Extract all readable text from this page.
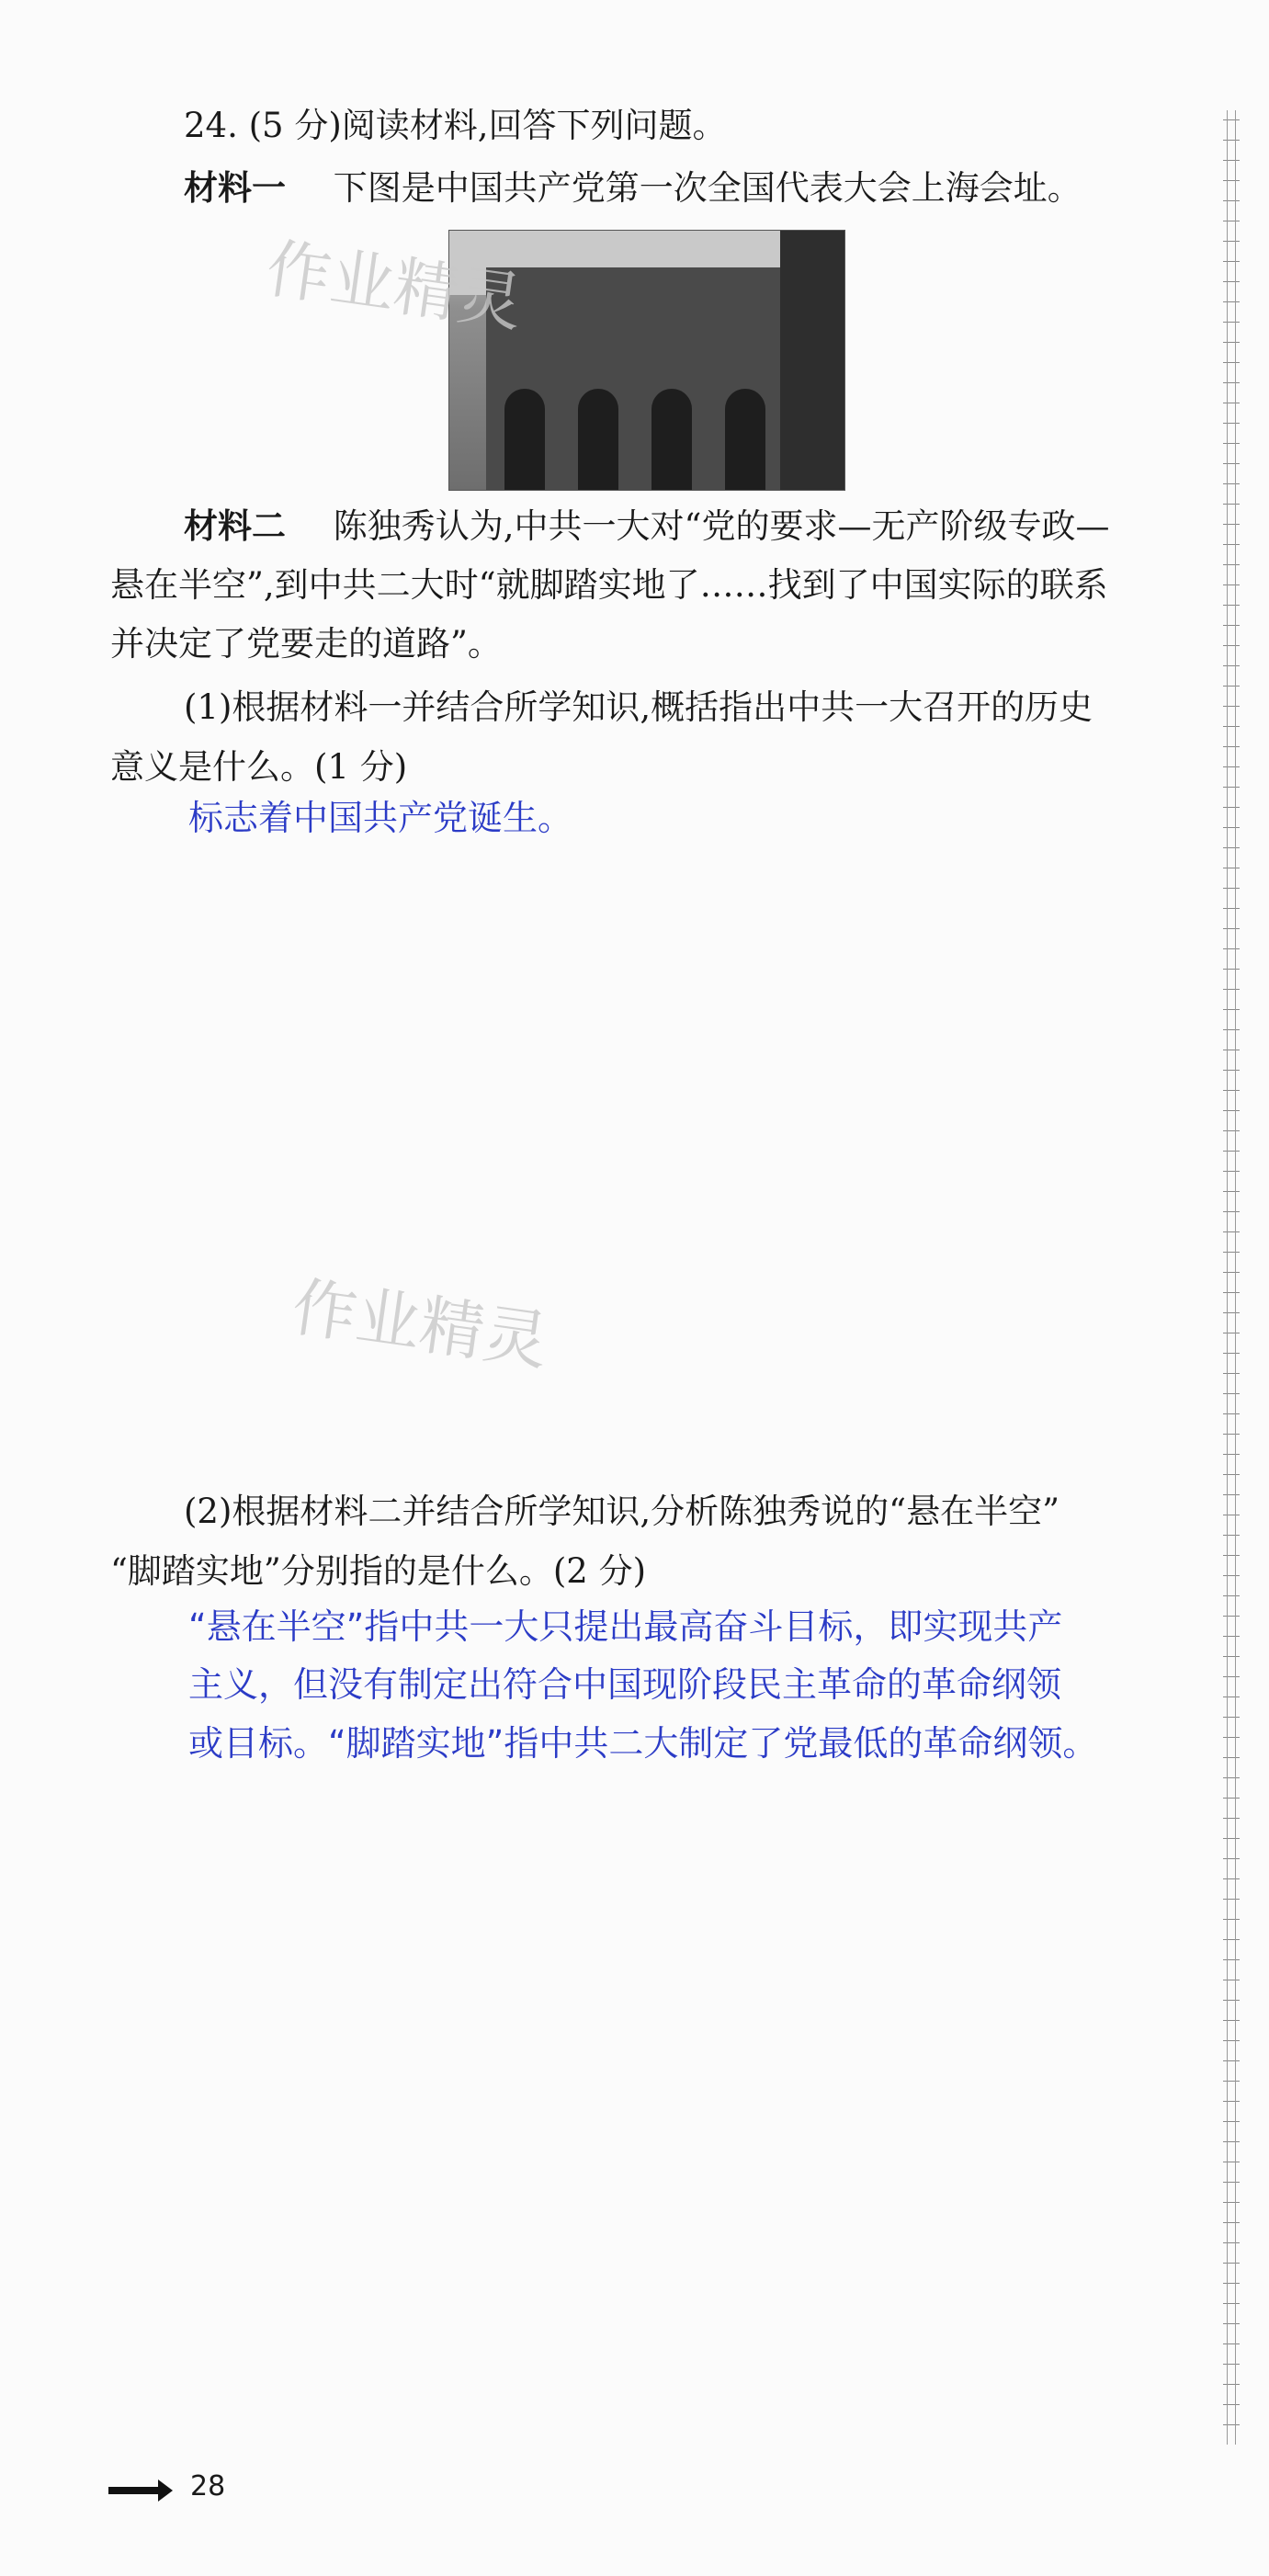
24. (5 分)阅读材料,回答下列问题。
材料一 下图是中国共产党第一次全国代表大会上海会址。
作业精灵
材料二 陈独秀认为,中共一大对“党的要求—无产阶级专政—
悬在半空”,到中共二大时“就脚踏实地了……找到了中国实际的联系
并决定了党要走的道路”。
(1)根据材料一并结合所学知识,概括指出中共一大召开的历史
意义是什么。(1 分)
标志着中国共产党诞生。
作业精灵
(2)根据材料二并结合所学知识,分析陈独秀说的“悬在半空”
“脚踏实地”分别指的是什么。(2 分)
“悬在半空”指中共一大只提出最高奋斗目标，即实现共产
主义，但没有制定出符合中国现阶段民主革命的革命纲领
或目标。“脚踏实地”指中共二大制定了党最低的革命纲领。
28
